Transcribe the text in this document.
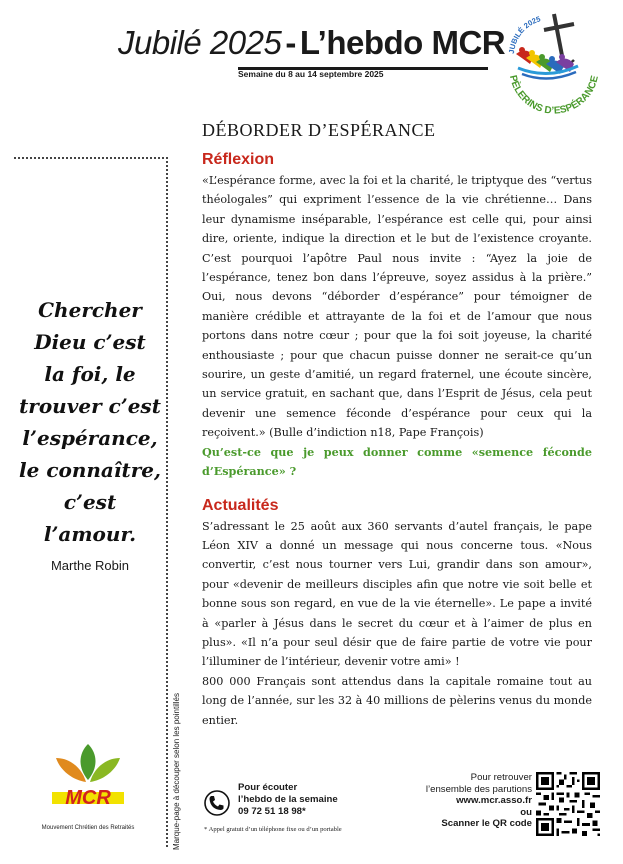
Jubilé 2025 - L’hebdo MCR
Semaine du 8 au 14 septembre 2025
JUBILÉ 2025
PÈLERINS D’ESPÉRANCE
Chercher
Dieu c’est
la foi, le
trouver c’est
l’espérance,
le connaître,
c’est
l’amour.
Marthe Robin
Marque-page à découper selon les pointillés
MCR
Mouvement Chrétien des Retraités
DÉBORDER D’ESPÉRANCE
Réflexion

«L’espérance forme, avec la foi et la charité, le triptyque des “vertus théologales” qui expriment l’essence de la vie chrétienne… Dans leur dynamisme inséparable, l’espérance est celle qui, pour ainsi dire, oriente, indique la direction et le but de l’existence croyante. C’est pourquoi l’apôtre Paul nous invite : “Ayez la joie de l’espérance, tenez bon dans l’épreuve, soyez assidus à la prière.” Oui, nous devons “déborder d’espérance” pour témoigner de manière crédible et attrayante de la foi et de l’amour que nous portons dans notre cœur ; pour que la foi soit joyeuse, la charité enthousiaste ; pour que chacun puisse donner ne serait-ce qu’un sourire, un geste d’amitié, un regard fraternel, une écoute sincère, un service gratuit, en sachant que, dans l’Esprit de Jésus, cela peut devenir une semence féconde d’espérance pour ceux qui la reçoivent.» (Bulle d’indiction n18, Pape François)

Qu’est-ce que je peux donner comme «semence féconde d’Espérance» ?

Actualités

S’adressant le 25 août aux 360 servants d’autel français, le pape Léon XIV a donné un message qui nous concerne tous. «Nous convertir, c’est nous tourner vers Lui, grandir dans son amour», pour «devenir de meilleurs disciples afin que notre vie soit belle et bonne sous son regard, en vue de la vie éternelle». Le pape a invité à «parler à Jésus dans le secret du cœur et à l’aimer de plus en plus». «Il n’a pour seul désir que de faire partie de votre vie pour l’illuminer de l’intérieur, devenir votre ami» !

800 000 Français sont attendus dans la capitale romaine tout au long de l’année, sur les 32 à 40 millions de pèlerins venus du monde entier.

Pour écouter
l’hebdo de la semaine
09 72 51 18 98*
* Appel gratuit d’un téléphone fixe ou d’un portable
Pour retrouver
l’ensemble des parutions
www.mcr.asso.fr
ou
Scanner le QR code
